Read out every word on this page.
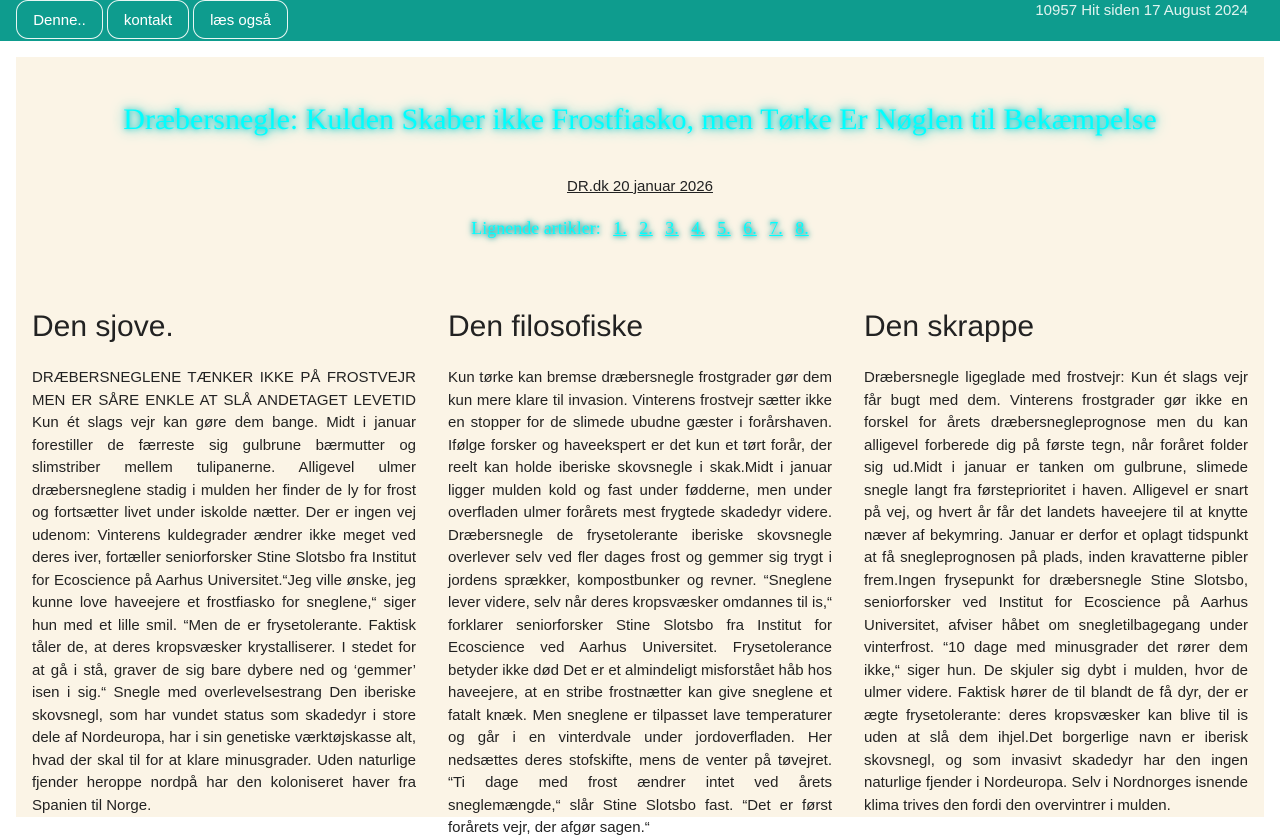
Denne..	kontakt	læs også
10957 Hit siden 17 August 2024
Dræbersnegle: Kulden Skaber ikke Frostfiasko, men Tørke Er Nøglen til Bekæmpelse
DR.dk 20 januar 2026
Lignende artikler: 1. 2. 3. 4. 5. 6. 7. 8.
Den sjove.
DRÆBERSNEGLENE TÆNKER IKKE PÅ FROSTVEJR MEN ER SÅRE ENKLE AT SLÅ ANDETAGET LEVETID Kun ét slags vejr kan gøre dem bange. Midt i januar forestiller de færreste sig gulbrune bærmutter og slimstriber mellem tulipanerne. Alligevel ulmer dræbersneglene stadig i mulden her finder de ly for frost og fortsætter livet under iskolde nætter. Der er ingen vej udenom: Vinterens kuldegrader ændrer ikke meget ved deres iver, fortæller seniorforsker Stine Slotsbo fra Institut for Ecoscience på Aarhus Universitet.“Jeg ville ønske, jeg kunne love haveejere et frostfiasko for sneglene,“ siger hun med et lille smil. “Men de er frysetolerante. Faktisk tåler de, at deres kropsvæsker krystalliserer. I stedet for at gå i stå, graver de sig bare dybere ned og ‘gemmer’ isen i sig.“ Snegle med overlevelsestrang Den iberiske skovsnegl, som har vundet status som skadedyr i store dele af Nordeuropa, har i sin genetiske værktøjskasse alt, hvad der skal til for at klare minusgrader. Uden naturlige fjender heroppe nordpå har den koloniseret haver fra Spanien til Norge.
Den filosofiske
Kun tørke kan bremse dræbersnegle frostgrader gør dem kun mere klare til invasion. Vinterens frostvejr sætter ikke en stopper for de slimede ubudne gæster i forårshaven. Ifølge forsker og haveekspert er det kun et tørt forår, der reelt kan holde iberiske skovsnegle i skak.Midt i januar ligger mulden kold og fast under fødderne, men under overfladen ulmer forårets mest frygtede skadedyr videre. Dræbersnegle de frysetolerante iberiske skovsnegle overlever selv ved fler dages frost og gemmer sig trygt i jordens sprækker, kompostbunker og revner. “Sneglene lever videre, selv når deres kropsvæsker omdannes til is,“ forklarer seniorforsker Stine Slotsbo fra Institut for Ecoscience ved Aarhus Universitet. Frysetolerance betyder ikke død Det er et almindeligt misforstået håb hos haveejere, at en stribe frostnætter kan give sneglene et fatalt knæk. Men sneglene er tilpasset lave temperaturer og går i en vinterdvale under jordoverfladen. Her nedsættes deres stofskifte, mens de venter på tøvejret. “Ti dage med frost ændrer intet ved årets sneglemængde,“ slår Stine Slotsbo fast. “Det er først forårets vejr, der afgør sagen.“
Den skrappe
Dræbersnegle ligeglade med frostvejr: Kun ét slags vejr får bugt med dem. Vinterens frostgrader gør ikke en forskel for årets dræbersnegleprognose men du kan alligevel forberede dig på første tegn, når foråret folder sig ud.Midt i januar er tanken om gulbrune, slimede snegle langt fra førsteprioritet i haven. Alligevel er snart på vej, og hvert år får det landets haveejere til at knytte næver af bekymring. Januar er derfor et oplagt tidspunkt at få snegleprognosen på plads, inden kravatterne pibler frem.Ingen frysepunkt for dræbersnegle Stine Slotsbo, seniorforsker ved Institut for Ecoscience på Aarhus Universitet, afviser håbet om snegletilbagegang under vinterfrost. “10 dage med minusgrader det rører dem ikke,“ siger hun. De skjuler sig dybt i mulden, hvor de ulmer videre. Faktisk hører de til blandt de få dyr, der er ægte frysetolerante: deres kropsvæsker kan blive til is uden at slå dem ihjel.Det borgerlige navn er iberisk skovsnegl, og som invasivt skadedyr har den ingen naturlige fjender i Nordeuropa. Selv i Nordnorges isnende klima trives den fordi den overvintrer i mulden.
